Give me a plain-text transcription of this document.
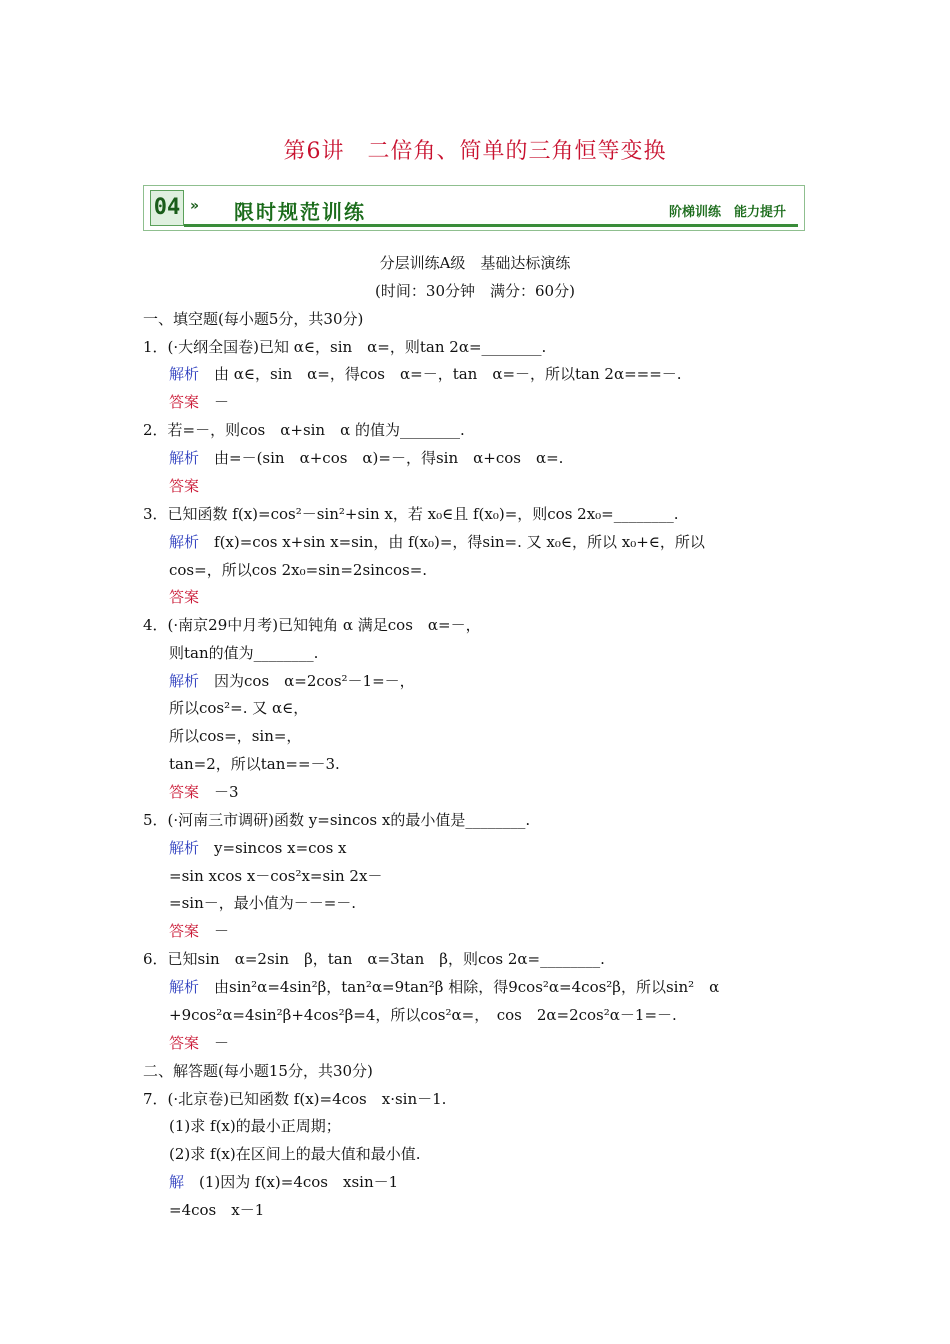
第6讲　二倍角、简单的三角恒等变换
04 » 限时规范训练	阶梯训练　能力提升
分层训练A级　基础达标演练
(时间：30分钟　满分：60分)
一、填空题(每小题5分，共30分)
1．(·大纲全国卷)已知 α∈，sin　α=，则tan 2α=________.
解析　由 α∈，sin　α=，得cos　α=－，tan　α=－，所以tan 2α===－.
答案　－
2．若=－，则cos　α+sin　α 的值为________.
解析　由=－(sin　α+cos　α)=－，得sin　α+cos　α=.
答案
3．已知函数 f(x)=cos²－sin²+sin x，若 x₀∈且 f(x₀)=，则cos 2x₀=________.
解析　f(x)=cos x+sin x=sin，由 f(x₀)=，得sin=. 又 x₀∈，所以 x₀+∈，所以
cos=，所以cos 2x₀=sin=2sincos=.
答案
4．(·南京29中月考)已知钝角 α 满足cos　α=－，
则tan的值为________.
解析　因为cos　α=2cos²－1=－，
所以cos²=. 又 α∈，
所以cos=，sin=，
tan=2，所以tan==－3.
答案　－3
5．(·河南三市调研)函数 y=sincos x的最小值是________.
解析　y=sincos x=cos x
=sin xcos x－cos²x=sin 2x－
=sin－，最小值为－－=－.
答案　－
6．已知sin　α=2sin　β，tan　α=3tan　β，则cos 2α=________.
解析　由sin²α=4sin²β，tan²α=9tan²β 相除，得9cos²α=4cos²β，所以sin²　α
+9cos²α=4sin²β+4cos²β=4，所以cos²α=，　cos　2α=2cos²α－1=－.
答案　－
二、解答题(每小题15分，共30分)
7．(·北京卷)已知函数 f(x)=4cos　x·sin－1.
(1)求 f(x)的最小正周期；
(2)求 f(x)在区间上的最大值和最小值.
解　(1)因为 f(x)=4cos　xsin－1
=4cos　x－1
